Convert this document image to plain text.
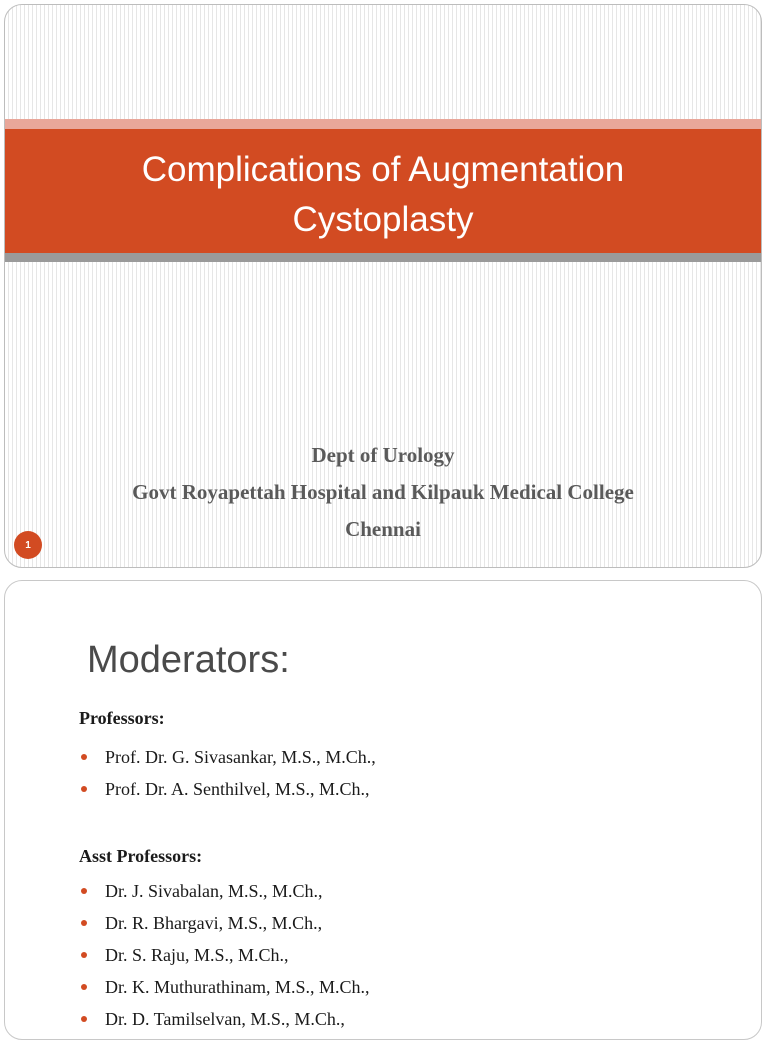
Complications of Augmentation
Cystoplasty
Dept of Urology
Govt Royapettah Hospital and Kilpauk Medical College
Chennai
1
Moderators:
Professors:
Prof. Dr. G. Sivasankar, M.S., M.Ch.,
Prof. Dr. A. Senthilvel, M.S., M.Ch.,
Asst Professors:
Dr. J. Sivabalan, M.S., M.Ch.,
Dr. R. Bhargavi, M.S., M.Ch.,
Dr. S. Raju, M.S., M.Ch.,
Dr. K. Muthurathinam, M.S., M.Ch.,
Dr. D. Tamilselvan, M.S., M.Ch.,
